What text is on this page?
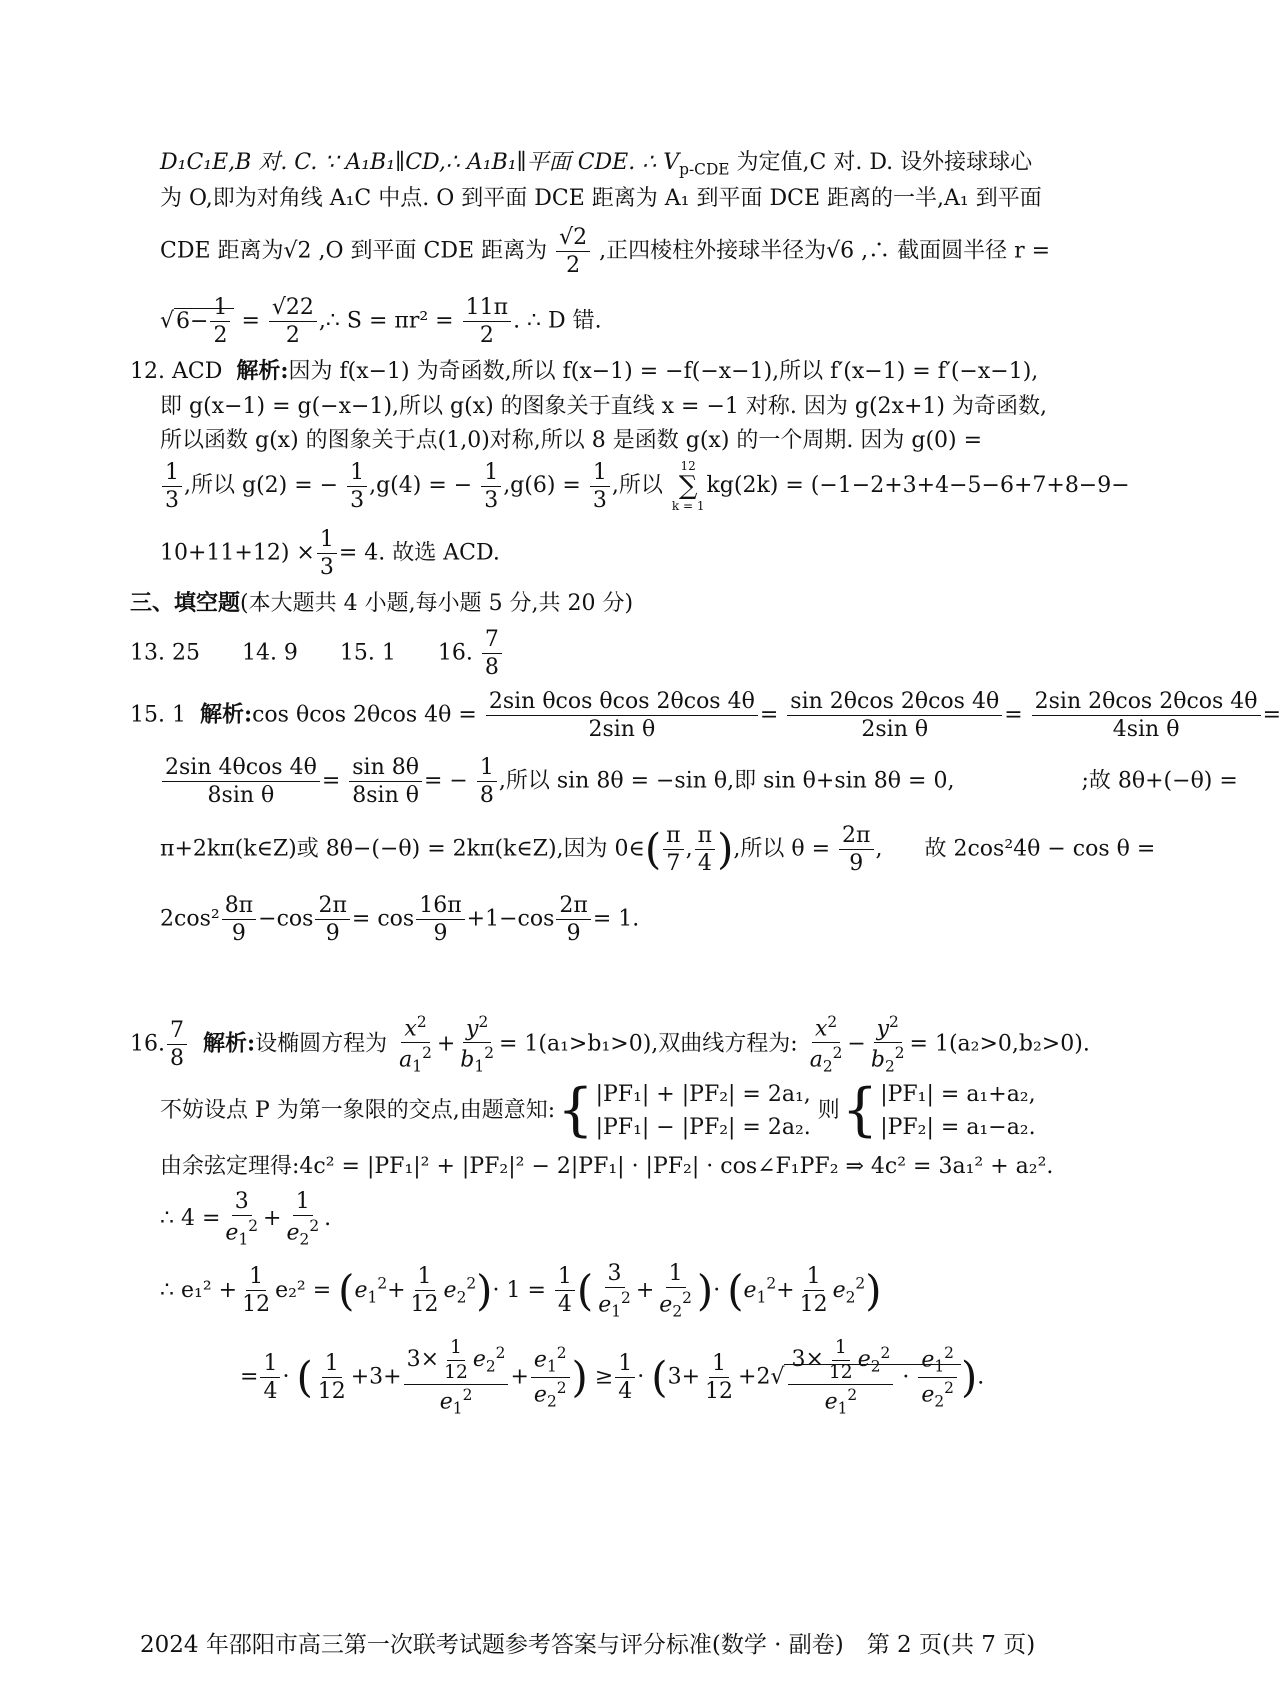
D₁C₁E,B 对. C. ∵ A₁B₁∥CD,∴ A₁B₁∥平面 CDE. ∴ $V_{p-CDE}$ 为定值,C 对. D. 设外接球球心
为 O,即为对角线 A₁C 中点. O 到平面 DCE 距离为 A₁ 到平面 DCE 距离的一半,A₁ 到平面
CDE 距离为√2 ,O 到平面 CDE 距离为 $\frac{√2}{2}$ ,正四棱柱外接球半径为√6 ,∴ 截面圆半径 r =
$√6- \frac{1}{2} = \frac{√22}{2}$ ,∴ $S = \pi r^2 = \frac{11\pi}{2}$ . ∴ D 错.
12. ACD 解析:因为 f(x−1) 为奇函数,所以 f(x−1) = −f(−x−1),所以 f′(x−1) = f′(−x−1),
即 g(x−1) = g(−x−1),所以 g(x) 的图象关于直线 x = −1 对称. 因为 g(2x+1) 为奇函数,
所以函数 g(x) 的图象关于点(1,0)对称,所以 8 是函数 g(x) 的一个周期. 因为 g(0) =
$\frac{1}{3}$ ,所以 g(2) = − $\frac{1}{3} ,g(4)$ = − $\frac{1}{3} ,g(6) = \frac{1}{3}$ ,所以
12
∑
k = 1
kg(2k) = (−1−2+3+4−5−6+7+8−9−
$10+11+12) \times \frac{1}{3} = 4$. 故选 ACD.
三、填空题(本大题共 4 小题,每小题 5 分,共 20 分)
13. 25 14. 9 15. 1 16. $\frac{7}{8}$
15. 1 解析:cos θcos 2θcos $4\theta = \frac{\text{2sin θcos θcos 2θcos 4θ}}{\text{2sin θ}} = \frac{\sin 2\theta\cos 2\theta\cos 4\theta}{\text{2sin θ}} = \frac{2\sin 2\theta\cos 2\theta\cos 4\theta}{\text{4sin θ}}$ =
$\frac{2\sin 4\theta\cos 4\theta}{\text{8sin θ}} = \frac{\sin 8\theta}{\text{8sin θ}}$ = − $\frac{1}{8}$ ,所以 sin 8θ = −sin θ,即 sin θ+sin 8θ = 0,	;故 8θ+(−θ) =
π+2kπ(k∈Z)或 8θ−(−θ) = 2kπ(k∈Z),因为 0∈( $\frac{\pi}{7}$ , $\frac{\pi}{4}$ ),所以 $\theta = \frac{2\pi}{9}$ ,      故 2cos²4θ − cos θ =
$2\cos^2 \frac{8\pi}{9} -\cos \frac{2\pi}{9} = \cos \frac{16\pi}{9} +1-\cos \frac{2\pi}{9} = 1$.
16. $\frac{7}{8}$ 解析:设椭圆方程为 $\frac{x^2}{a_1^2} + \frac{y^2}{b_1^2} = 1(a_1>b_1>0)$,双曲线方程为: $\frac{x^2}{a_2^2} - \frac{y^2}{b_2^2} = 1(a_2>0,b_2>0)$.
不妨设点 P 为第一象限的交点,由题意知:{ |PF₁| + |PF₂| = 2a₁,
|PF₁| − |PF₂| = 2a₂.
则{ |PF₁| = a₁+a₂,
|PF₂| = a₁−a₂.
由余弦定理得:4c² = |PF₁|² + |PF₂|² − 2|PF₁| · |PF₂| · cos∠F₁PF₂ ⇒ 4c² = 3a₁² + a₂².
∴ $4 = \frac{3}{e_1^2} + \frac{1}{e_2^2}$ .
∴ $e_1^2 + \frac{1}{12} e_2^2 = (e_1^2+ \frac{1}{12} e_2^2)\cdot 1 = \frac{1}{4}$ ( $\frac{3}{e_1^2} + \frac{1}{e_2^2}$ )· $(e_1^2+ \frac{1}{12} e_2^2)$
= $\frac{1}{4}$ · ( $\frac{1}{12} +3+ \frac{3\times \frac{1}{12} e_2^2}{e_1^2} + \frac{e_1^2}{e_2^2}$ ) ≥ $\frac{1}{4} \cdot (3+ \frac{1}{12} +2√ \frac{3\times \frac{1}{12} e_2^2}{e_1^2} \cdot \frac{e_1^2}{e_2^2}$ ).
2024 年邵阳市高三第一次联考试题参考答案与评分标准(数学 · 副卷)　第 2 页(共 7 页)
